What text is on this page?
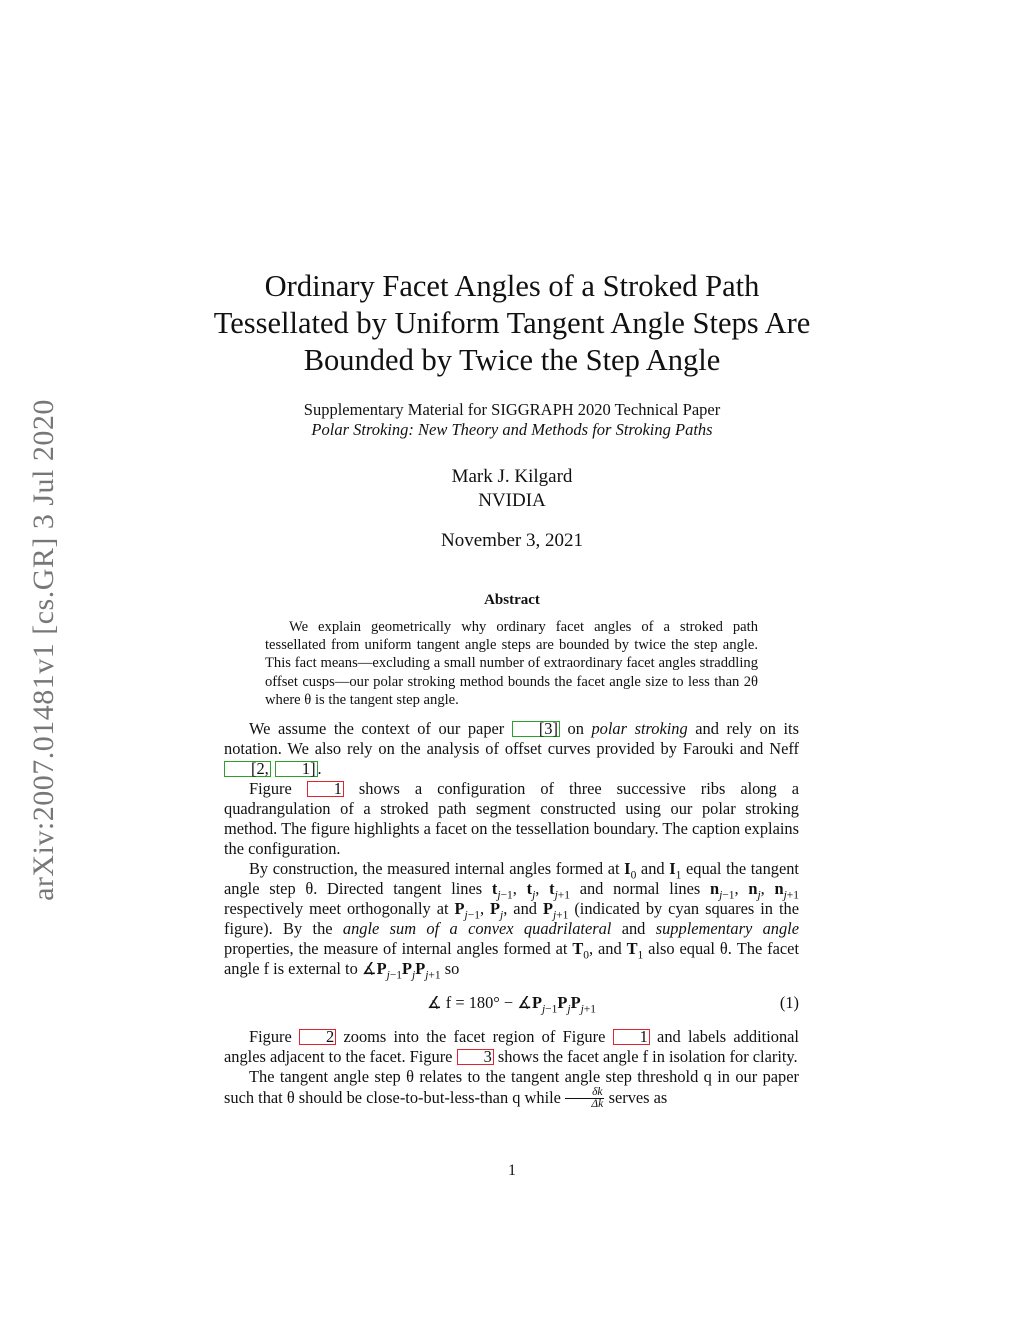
arXiv:2007.01481v1 [cs.GR] 3 Jul 2020
Ordinary Facet Angles of a Stroked Path
Tessellated by Uniform Tangent Angle Steps Are
Bounded by Twice the Step Angle
Supplementary Material for SIGGRAPH 2020 Technical Paper
Polar Stroking: New Theory and Methods for Stroking Paths
Mark J. Kilgard
NVIDIA
November 3, 2021
Abstract
We explain geometrically why ordinary facet angles of a stroked path tessellated from uniform tangent angle steps are bounded by twice the step angle. This fact means—excluding a small number of extraordinary facet angles straddling offset cusps—our polar stroking method bounds the facet angle size to less than 2θ where θ is the tangent step angle.

We assume the context of our paper [3] on polar stroking and rely on its notation. We also rely on the analysis of offset curves provided by Farouki and Neff [2, 1] .

Figure 1 shows a configuration of three successive ribs along a quadrangulation of a stroked path segment constructed using our polar stroking method. The figure highlights a facet on the tessellation boundary. The caption explains the configuration.

By construction, the measured internal angles formed at $I_0$ and $I_1$ equal the tangent angle step θ. Directed tangent lines $t_{j-1}$, $t_j$, $t_{j+1}$ and normal lines $n_{j-1}$, $n_j$, $n_{j+1}$ respectively meet orthogonally at $P_{j-1}$, $P_j$, and $P_{j+1}$ (indicated by cyan squares in the figure). By the angle sum of a convex quadrilateral and supplementary angle properties, the measure of internal angles formed at $T_0$, and $T_1$ also equal θ. The facet angle f is external to $∡P_{j-1}P_jP_{j+1}$ so

∡ $f = 180^\circ - ∡P_{j-1}P_jP_{j+1}$	(1)

Figure 2 zooms into the facet region of Figure 1 and labels additional angles adjacent to the facet. Figure 3 shows the facet angle f in isolation for clarity.

The tangent angle step θ relates to the tangent angle step threshold q in our paper such that θ should be close-to-but-less-than q while $\frac{\delta k}{\Delta k}$ serves as

1
